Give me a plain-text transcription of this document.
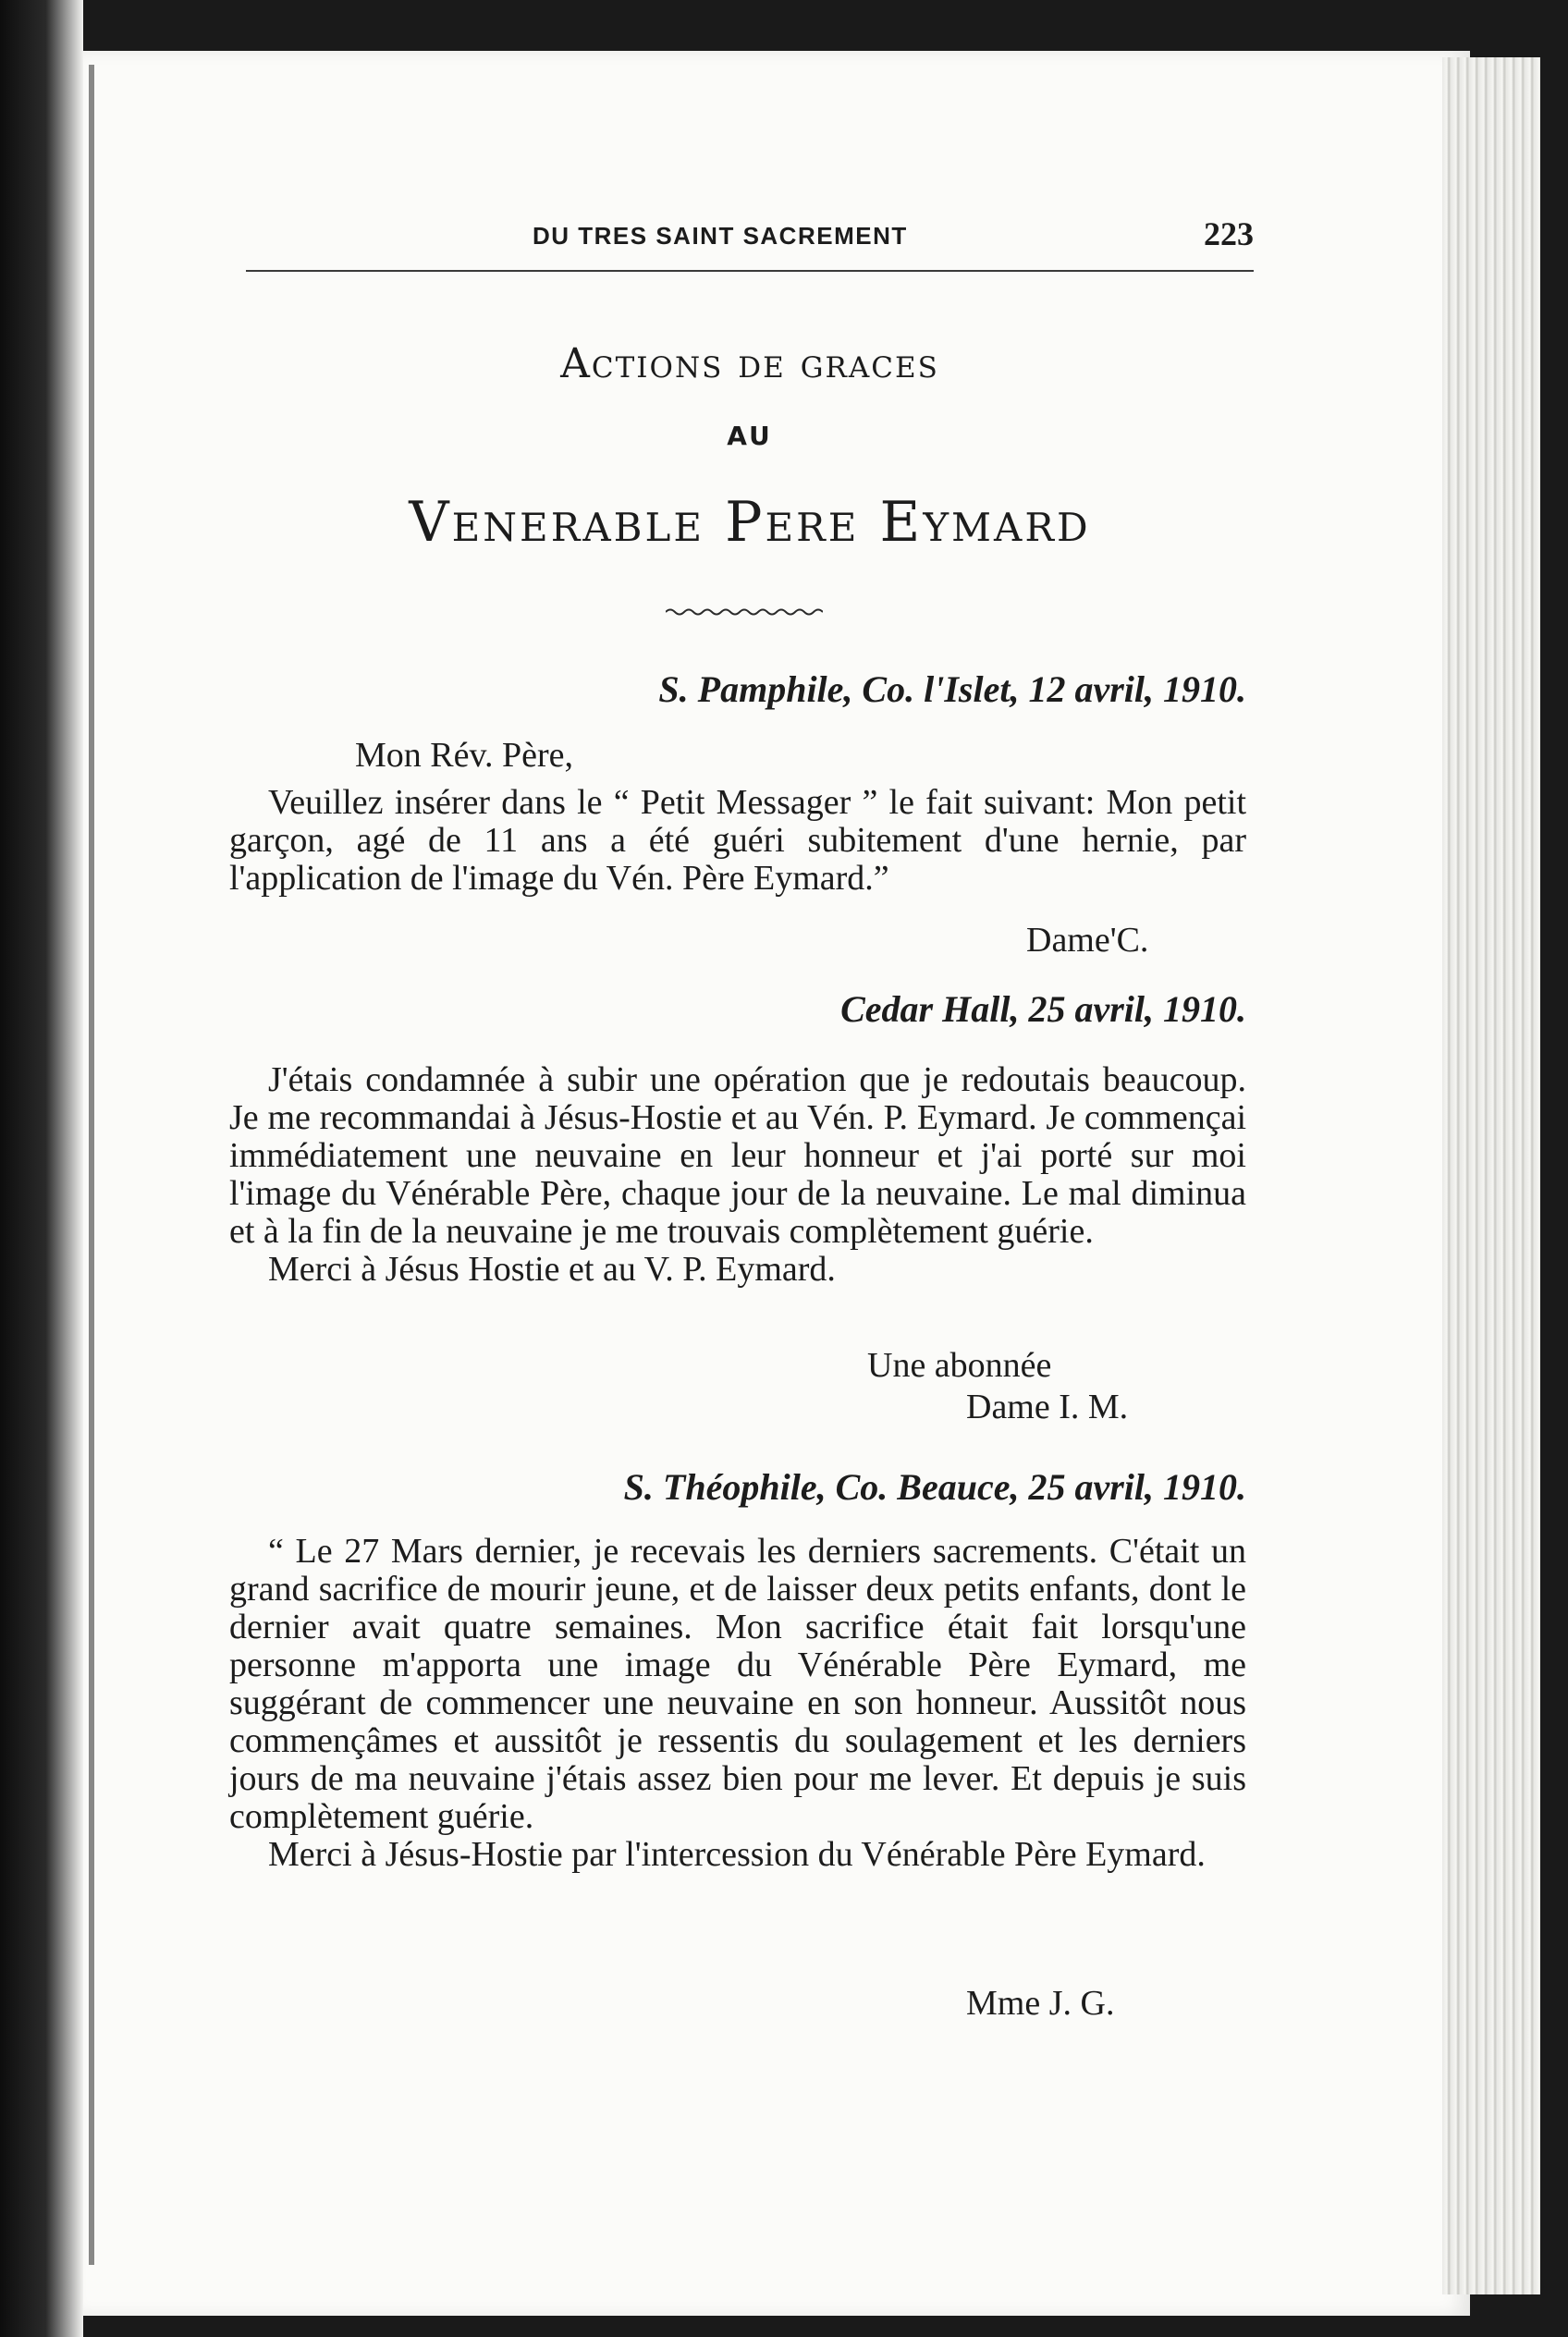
DU TRES SAINT SACREMENT	223
Actions de graces
AU
Venerable Pere Eymard
S. Pamphile, Co. l'Islet, 12 avril, 1910.
Mon Rév. Père,

Veuillez insérer dans le “ Petit Messager ” le fait suivant: Mon petit garçon, agé de 11 ans a été guéri subitement d'une hernie, par l'application de l'image du Vén. Père Eymard.”

Dame'C.
Cedar Hall, 25 avril, 1910.

J'étais condamnée à subir une opération que je redoutais beaucoup. Je me recommandai à Jésus-Hostie et au Vén. P. Eymard. Je commençai immédiatement une neuvaine en leur honneur et j'ai porté sur moi l'image du Vénérable Père, chaque jour de la neuvaine. Le mal diminua et à la fin de la neuvaine je me trouvais complètement guérie.

Merci à Jésus Hostie et au V. P. Eymard.

Une abonnée
Dame I. M.
S. Théophile, Co. Beauce, 25 avril, 1910.

“ Le 27 Mars dernier, je recevais les derniers sacrements. C'était un grand sacrifice de mourir jeune, et de laisser deux petits enfants, dont le dernier avait quatre semaines. Mon sacrifice était fait lorsqu'une personne m'apporta une image du Vénérable Père Eymard, me suggérant de commencer une neuvaine en son honneur. Aussitôt nous commençâmes et aussitôt je ressentis du soulagement et les derniers jours de ma neuvaine j'étais assez bien pour me lever. Et depuis je suis complètement guérie.

Merci à Jésus-Hostie par l'intercession du Vénérable Père Eymard.

Mme J. G.
